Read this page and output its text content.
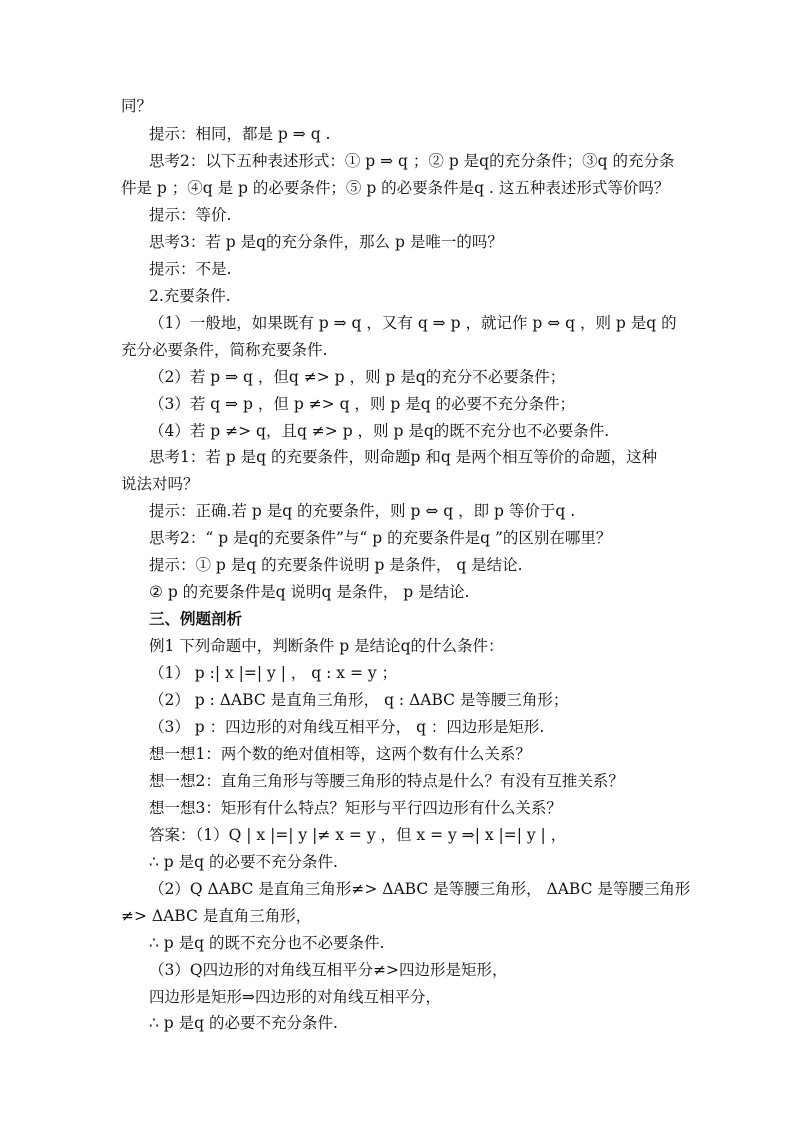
同？
提示：相同，都是 p ⇒ q .
思考2：以下五种表述形式：① p ⇒ q ；② p 是q的充分条件；③q 的充分条
件是 p ；④q 是 p 的必要条件；⑤ p 的必要条件是q . 这五种表述形式等价吗？
提示：等价.
思考3：若 p 是q的充分条件，那么 p 是唯一的吗？
提示：不是.
2.充要条件.
（1）一般地，如果既有 p ⇒ q ，又有 q ⇒ p ，就记作 p ⇔ q ，则 p 是q 的
充分必要条件，简称充要条件.
（2）若 p ⇒ q ，但q ≠> p ，则 p 是q的充分不必要条件；
（3）若 q ⇒ p ，但 p ≠> q ，则 p 是q 的必要不充分条件；
（4）若 p ≠> q，且q ≠> p ，则 p 是q的既不充分也不必要条件.
思考1：若 p 是q 的充要条件，则命题p 和q 是两个相互等价的命题，这种
说法对吗？
提示：正确.若 p 是q 的充要条件，则 p ⇔ q ，即 p 等价于q .
思考2：“ p 是q的充要条件”与“ p 的充要条件是q ”的区别在哪里？
提示：① p 是q 的充要条件说明 p 是条件， q 是结论.
② p 的充要条件是q 说明q 是条件， p 是结论.
三、例题剖析
例1 下列命题中，判断条件 p 是结论q的什么条件：
（1） p :| x |=| y | ， q : x = y ；
（2） p : ΔABC 是直角三角形， q : ΔABC 是等腰三角形；
（3） p ：四边形的对角线互相平分， q ：四边形是矩形.
想一想1：两个数的绝对值相等，这两个数有什么关系？
想一想2：直角三角形与等腰三角形的特点是什么？有没有互推关系？
想一想3：矩形有什么特点？矩形与平行四边形有什么关系？
答案：（1）Q | x |=| y |≠ x = y ，但 x = y ⇒| x |=| y | ，
∴ p 是q 的必要不充分条件.
（2）Q ΔABC 是直角三角形≠> ΔABC 是等腰三角形， ΔABC 是等腰三角形
≠> ΔABC 是直角三角形，
∴ p 是q 的既不充分也不必要条件.
（3）Q四边形的对角线互相平分≠>四边形是矩形，
四边形是矩形⇒四边形的对角线互相平分，
∴ p 是q 的必要不充分条件.
